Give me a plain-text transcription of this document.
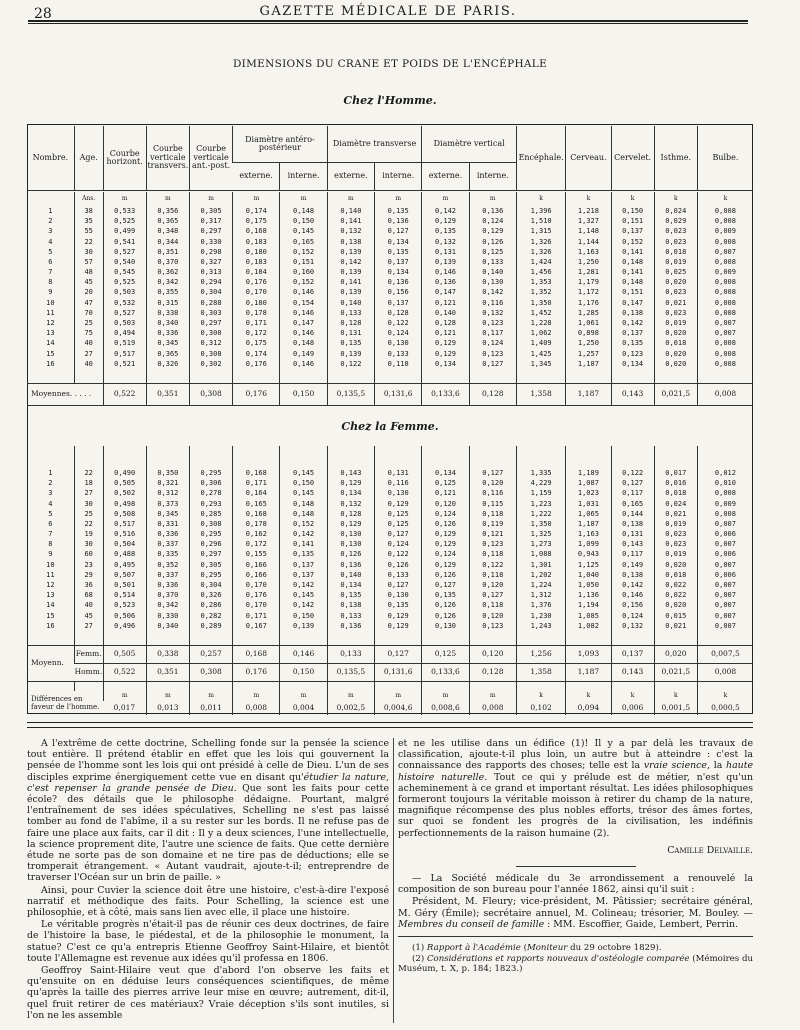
28	GAZETTE MÉDICALE DE PARIS.
DIMENSIONS DU CRANE ET POIDS DE L'ENCÉPHALE
Chez l'Homme.
Nombre.	Age.	Courbe horizont.	Courbe verticale transvers.	Courbe verticale ant.-post.	Diamètre antéro-postérieur		Diamètre transverse		Diamètre vertical		Encéphale.	Cerveau.	Cervelet.	Isthme.	Bulbe.
					externe.	interne.	externe.	interne.	externe.	interne.					
	Ans.	m	m	m	m	m	m	m	m	m	k	k	k	k	k
1	38	0,533	0,356	0,305	0,174	0,148	0,140	0,135	0,142	0,136	1,396	1,218	0,150	0,024	0,008
2	35	0,525	0,365	0,317	0,175	0,150	0,141	0,136	0,129	0,124	1,510	1,327	0,151	0,029	0,008
3	55	0,499	0,348	0,297	0,168	0,145	0,132	0,127	0,135	0,129	1,315	1,148	0,137	0,023	0,009
4	22	0,541	0,344	0,330	0,183	0,165	0,138	0,134	0,132	0,126	1,326	1,144	0,152	0,023	0,008
5	30	0,527	0,351	0,298	0,180	0,152	0,139	0,135	0,131	0,125	1,326	1,163	0,141	0,018	0,007
6	57	0,540	0,370	0,327	0,183	0,151	0,142	0,137	0,139	0,133	1,424	1,250	0,148	0,019	0,008
7	48	0,545	0,362	0,313	0,184	0,160	0,139	0,134	0,146	0,140	1,456	1,281	0,141	0,025	0,009
8	45	0,525	0,342	0,294	0,176	0,152	0,141	0,136	0,136	0,130	1,353	1,179	0,148	0,020	0,008
9	20	0,503	0,355	0,304	0,170	0,146	0,139	0,156	0,147	0,142	1,352	1,172	0,151	0,023	0,008
10	47	0,532	0,315	0,288	0,180	0,154	0,140	0,137	0,121	0,116	1,350	1,176	0,147	0,021	0,008
11	70	0,527	0,338	0,303	0,178	0,146	0,133	0,128	0,140	0,132	1,452	1,285	0,138	0,023	0,008
12	25	0,503	0,340	0,297	0,171	0,147	0,128	0,122	0,128	0,123	1,228	1,061	0,142	0,019	0,007
13	75	0,494	0,336	0,300	0,172	0,146	0,131	0,124	0,121	0,117	1,062	0,898	0,137	0,020	0,007
14	40	0,519	0,345	0,312	0,175	0,148	0,135	0,130	0,129	0,124	1,409	1,250	0,135	0,018	0,008
15	27	0,517	0,365	0,308	0,174	0,149	0,139	0,133	0,129	0,123	1,425	1,257	0,123	0,020	0,008
16	40	0,521	0,326	0,302	0,176	0,146	0,122	0,118	0,134	0,127	1,345	1,187	0,134	0,020	0,008

Moyennes. . . . .		0,522	0,351	0,308	0,176	0,150	0,135,5	0,131,6	0,133,6	0,128	1,358	1,187	0,143	0,021,5	0,008
Chez la Femme.

1	22	0,490	0,350	0,295	0,168	0,145	0,143	0,131	0,134	0,127	1,335	1,189	0,122	0,017	0,012
2	18	0,505	0,321	0,306	0,171	0,150	0,129	0,116	0,125	0,120	4,229	1,087	0,127	0,016	0,010
3	27	0,502	0,312	0,278	0,164	0,145	0,134	0,130	0,121	0,116	1,159	1,023	0,117	0,018	0,008
4	30	0,498	0,373	0,293	0,165	0,148	0,132	0,129	0,120	0,115	1,223	1,031	0,165	0,024	0,009
5	25	0,508	0,345	0,285	0,168	0,148	0,128	0,125	0,124	0,118	1,222	1,065	0,144	0,021	0,008
6	22	0,517	0,331	0,308	0,178	0,152	0,129	0,125	0,126	0,119	1,350	1,187	0,138	0,019	0,007
7	19	0,516	0,336	0,295	0,162	0,142	0,130	0,127	0,129	0,121	1,325	1,163	0,131	0,023	0,006
8	30	0,504	0,337	0,296	0,172	0,141	0,130	0,124	0,129	0,123	1,273	1,099	0,143	0,023	0,007
9	60	0,488	0,335	0,297	0,155	0,135	0,126	0,122	0,124	0,118	1,088	0,943	0,117	0,019	0,006
10	23	0,495	0,352	0,305	0,166	0,137	0,136	0,126	0,129	0,122	1,301	1,125	0,149	0,020	0,007
11	29	0,507	0,337	0,295	0,166	0,137	0,140	0,133	0,126	0,118	1,202	1,040	0,138	0,018	0,006
12	36	0,501	0,336	0,304	0,170	0,142	0,134	0,127	0,127	0,120	1,224	1,050	0,142	0,022	0,007
13	68	0,514	0,370	0,326	0,176	0,145	0,135	0,130	0,135	0,127	1,312	1,136	0,146	0,022	0,007
14	40	0,523	0,342	0,286	0,170	0,142	0,138	0,135	0,126	0,118	1,376	1,194	0,156	0,020	0,007
15	45	0,506	0,330	0,282	0,171	0,150	0,133	0,129	0,126	0,120	1,230	1,085	0,124	0,015	0,007
16	27	0,496	0,340	0,289	0,167	0,139	0,136	0,129	0,130	0,123	1,243	1,082	0,132	0,021	0,007

Moyenn.	Femm.	0,505	0,338	0,257	0,168	0,146	0,133	0,127	0,125	0,120	1,256	1,093	0,137	0,020	0,007,5
	Homm.	0,522	0,351	0,308	0,176	0,150	0,135,5	0,131,6	0,133,6	0,128	1,358	1,187	0,143	0,021,5	0,008

Différences en faveur de l'homme.		m	m	m	m	m	m	m	m	m	k	k	k	k	k
		0,017	0,013	0,011	0,008	0,004	0,002,5	0,004,6	0,008,6	0,008	0,102	0,094	0,006	0,001,5	0,000,5

A l'extrême de cette doctrine, Schelling fonde sur la pensée la science tout entière. Il prétend établir en effet que les lois qui gouvernent la pensée de l'homme sont les lois qui ont présidé à celle de Dieu. L'un de ses disciples exprime énergiquement cette vue en disant qu'étudier la nature, c'est repenser la grande pensée de Dieu. Que sont les faits pour cette école? des détails que le philosophe dédaigne. Pourtant, malgré l'entraînement de ses idées spéculatives, Schelling ne s'est pas laissé tomber au fond de l'abîme, il a su rester sur les bords. Il ne refuse pas de faire une place aux faits, car il dit : Il y a deux sciences, l'une intellectuelle, la science proprement dite, l'autre une science de faits. Que cette dernière étude ne sorte pas de son domaine et ne tire pas de déductions; elle se tromperait étrangement. « Autant vaudrait, ajoute-t-il; entreprendre de traverser l'Océan sur un brin de paille. »

Ainsi, pour Cuvier la science doit être une histoire, c'est-à-dire l'exposé narratif et méthodique des faits. Pour Schelling, la science est une philosophie, et à côté, mais sans lien avec elle, il place une histoire.

Le véritable progrès n'était-il pas de réunir ces deux doctrines, de faire de l'histoire la base, le piédestal, et de la philosophie le monument, la statue? C'est ce qu'a entrepris Etienne Geoffroy Saint-Hilaire, et bientôt toute l'Allemagne est revenue aux idées qu'il professa en 1806.

Geoffroy Saint-Hilaire veut que d'abord l'on observe les faits et qu'ensuite on en déduise leurs conséquences scientifiques, de même qu'après la taille des pierres arrive leur mise en œuvre; autrement, dit-il, quel fruit retirer de ces matériaux? Vraie déception s'ils sont inutiles, si l'on ne les assemble

et ne les utilise dans un édifice (1)! Il y a par delà les travaux de classification, ajoute-t-il plus loin, un autre but à atteindre : c'est la connaissance des rapports des choses; telle est la vraie science, la haute histoire naturelle. Tout ce qui y prélude est de métier, n'est qu'un acheminement à ce grand et important résultat. Les idées philosophiques formeront toujours la véritable moisson à retirer du champ de la nature, magnifique récompense des plus nobles efforts, trésor des âmes fortes, sur quoi se fondent les progrès de la civilisation, les indéfinis perfectionnements de la raison humaine (2).

Camille Delvaille.

— La Société médicale du 3e arrondissement a renouvelé la composition de son bureau pour l'année 1862, ainsi qu'il suit :

Président, M. Fleury; vice-président, M. Pâtissier; secrétaire général, M. Géry (Émile); secrétaire annuel, M. Colineau; trésorier, M. Bouley. — Membres du conseil de famille : MM. Escoffier, Gaide, Lembert, Perrin.

(1) Rapport à l'Académie (Moniteur du 29 octobre 1829).

(2) Considérations et rapports nouveaux d'ostéologie comparée (Mémoires du Muséum, t. X, p. 184; 1823.)
